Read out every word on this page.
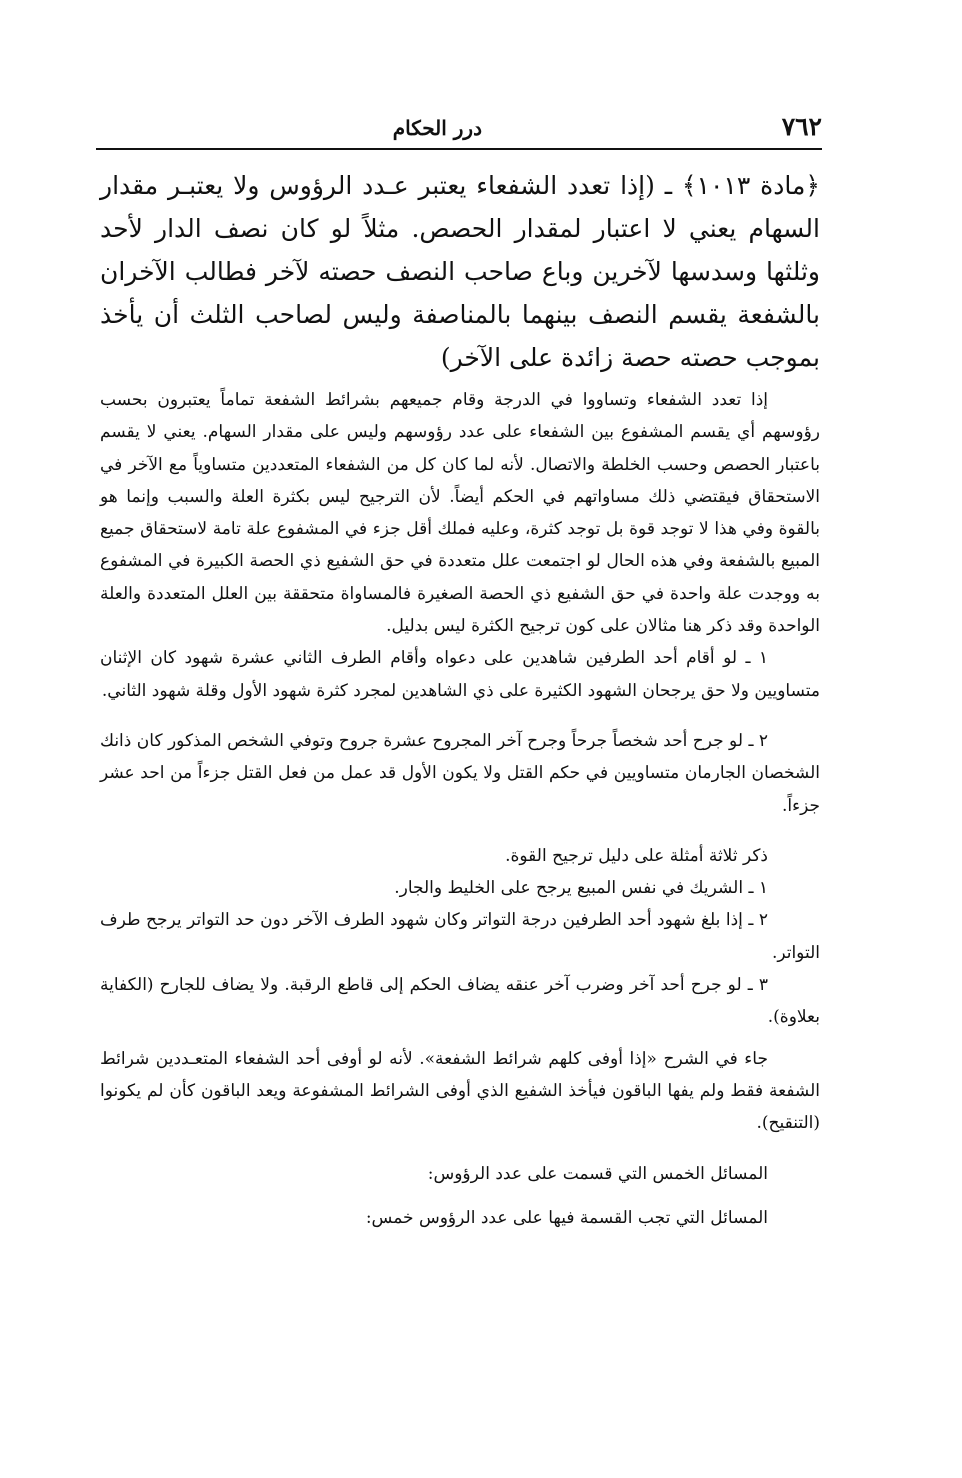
٧٦٢
درر الحكام
﴿مادة ١٠١٣﴾ ـ (إذا تعدد الشفعاء يعتبر عـدد الرؤوس ولا يعتبـر مقدار السهام يعني لا اعتبار لمقدار الحصص. مثلاً لو كان نصف الدار لأحد وثلثها وسدسها لآخرين وباع صاحب النصف حصته لآخر فطالب الآخران بالشفعة يقسم النصف بينهما بالمناصفة وليس لصاحب الثلث أن يأخذ بموجب حصته حصة زائدة على الآخر)

إذا تعدد الشفعاء وتساووا في الدرجة وقام جميعهم بشرائط الشفعة تماماً يعتبرون بحسب رؤوسهم أي يقسم المشفوع بين الشفعاء على عدد رؤوسهم وليس على مقدار السهام. يعني لا يقسم باعتبار الحصص وحسب الخلطة والاتصال. لأنه لما كان كل من الشفعاء المتعددين متساوياً مع الآخر في الاستحقاق فيقتضي ذلك مساواتهم في الحكم أيضاً. لأن الترجيح ليس بكثرة العلة والسبب وإنما هو بالقوة وفي هذا لا توجد قوة بل توجد كثرة، وعليه فملك أقل جزء في المشفوع علة تامة لاستحقاق جميع المبيع بالشفعة وفي هذه الحال لو اجتمعت علل متعددة في حق الشفيع ذي الحصة الكبيرة في المشفوع به ووجدت علة واحدة في حق الشفيع ذي الحصة الصغيرة فالمساواة متحققة بين العلل المتعددة والعلة الواحدة وقد ذكر هنا مثالان على كون ترجيح الكثرة ليس بدليل.

١ ـ لو أقام أحد الطرفين شاهدين على دعواه وأقام الطرف الثاني عشرة شهود كان الإثنان متساويين ولا حق يرجحان الشهود الكثيرة على ذي الشاهدين لمجرد كثرة شهود الأول وقلة شهود الثاني.

٢ ـ لو جرح أحد شخصاً جرحاً وجرح آخر المجروح عشرة جروح وتوفي الشخص المذكور كان ذانك الشخصان الجارمان متساويين في حكم القتل ولا يكون الأول قد عمل من فعل القتل جزءاً من احد عشر جزءاً.

ذكر ثلاثة أمثلة على دليل ترجيح القوة.

١ ـ الشريك في نفس المبيع يرجح على الخليط والجار.

٢ ـ إذا بلغ شهود أحد الطرفين درجة التواتر وكان شهود الطرف الآخر دون حد التواتر يرجح طرف التواتر.

٣ ـ لو جرح أحد آخر وضرب آخر عنقه يضاف الحكم إلى قاطع الرقبة. ولا يضاف للجارح (الكفاية بعلاوة).

جاء في الشرح «إذا أوفى كلهم شرائط الشفعة». لأنه لو أوفى أحد الشفعاء المتعـددين شرائط الشفعة فقط ولم يفها الباقون فيأخذ الشفيع الذي أوفى الشرائط المشفوعة ويعد الباقون كأن لم يكونوا (التنقيح).

المسائل الخمس التي قسمت على عدد الرؤوس:

المسائل التي تجب القسمة فيها على عدد الرؤوس خمس:
